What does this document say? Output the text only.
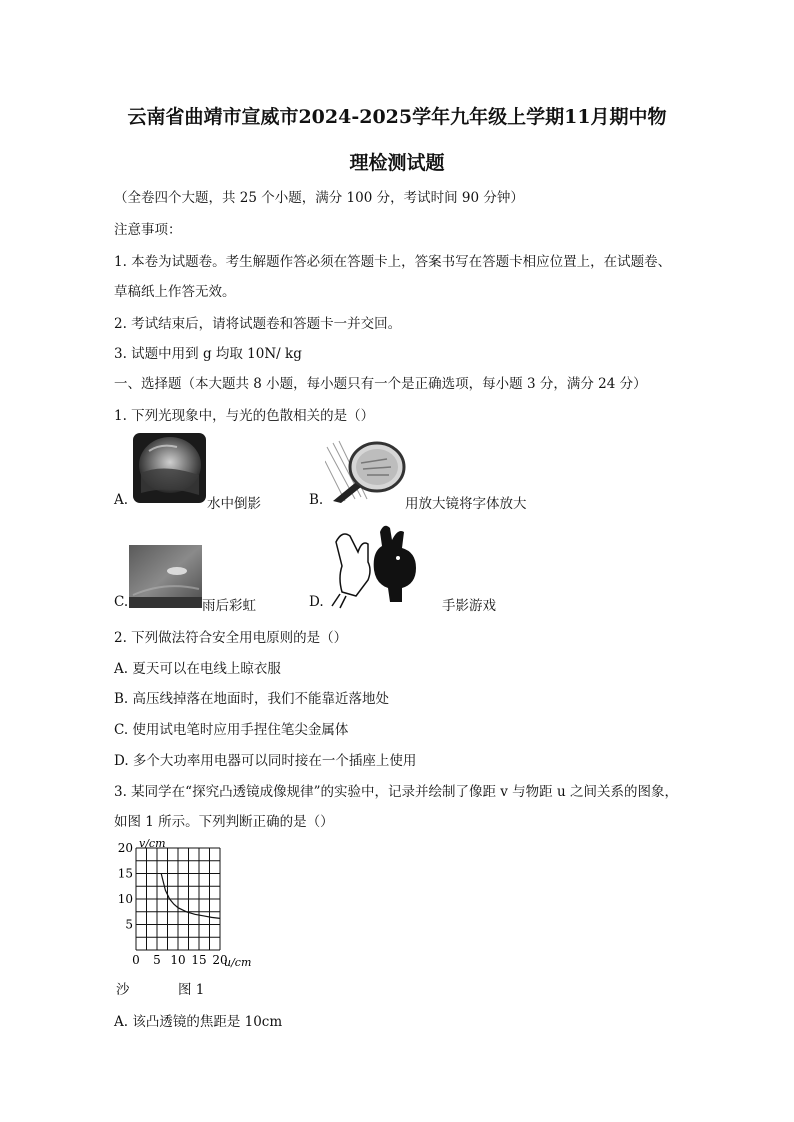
云南省曲靖市宣威市2024-2025学年九年级上学期11月期中物
理检测试题
（全卷四个大题，共 25 个小题，满分 100 分，考试时间 90 分钟）
注意事项：
1. 本卷为试题卷。考生解题作答必须在答题卡上，答案书写在答题卡相应位置上，在试题卷、
草稿纸上作答无效。
2. 考试结束后，请将试题卷和答题卡一并交回。
3. 试题中用到 g 均取 10N/ kg
一、选择题（本大题共 8 小题，每小题只有一个是正确选项，每小题 3 分，满分 24 分）
1. 下列光现象中，与光的色散相关的是（）
A.	水中倒影	B.	用放大镜将字体放大
C.	雨后彩虹	D.	手影游戏
2. 下列做法符合安全用电原则的是（）
A. 夏天可以在电线上晾衣服
B. 高压线掉落在地面时，我们不能靠近落地处
C. 使用试电笔时应用手捏住笔尖金属体
D. 多个大功率用电器可以同时接在一个插座上使用
3. 某同学在“探究凸透镜成像规律”的实验中，记录并绘制了像距 v 与物距 u 之间关系的图象，
如图 1 所示。下列判断正确的是（）
0 5 10 15 20
5
10
15
20 v/cm
u/cm
沙	图 1
A. 该凸透镜的焦距是 10cm
